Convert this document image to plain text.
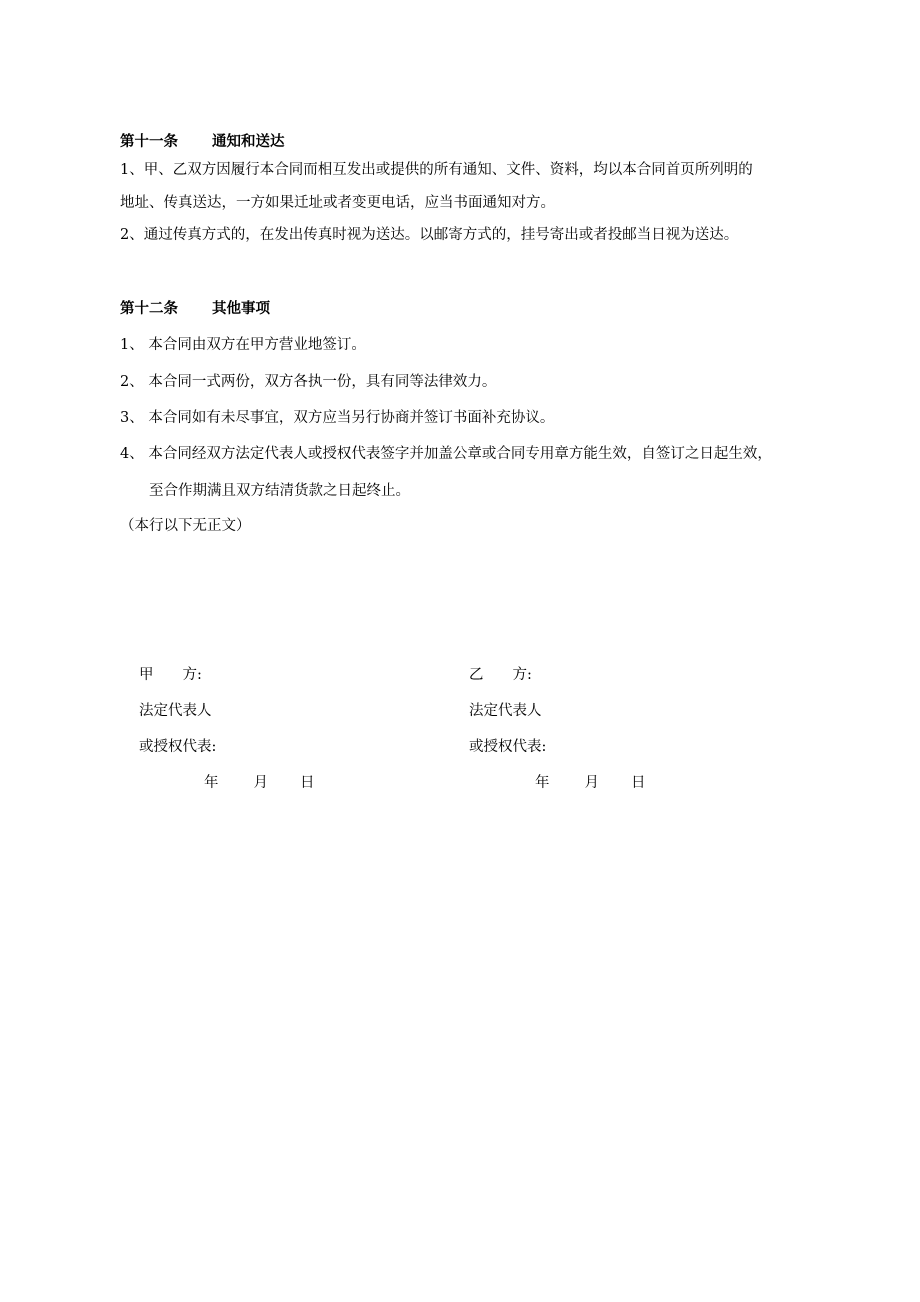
第十一条 通知和送达
1、甲、乙双方因履行本合同而相互发出或提供的所有通知、文件、资料，均以本合同首页所列明的
地址、传真送达，一方如果迁址或者变更电话，应当书面通知对方。
2、通过传真方式的，在发出传真时视为送达。以邮寄方式的，挂号寄出或者投邮当日视为送达。
第十二条 其他事项
1、 本合同由双方在甲方营业地签订。
2、 本合同一式两份，双方各执一份，具有同等法律效力。
3、 本合同如有未尽事宜，双方应当另行协商并签订书面补充协议。
4、 本合同经双方法定代表人或授权代表签字并加盖公章或合同专用章方能生效，自签订之日起生效，
至合作期满且双方结清货款之日起终止。
（本行以下无正文）
甲　　方:
法定代表人
或授权代表:
年 月 日
乙　　方:
法定代表人
或授权代表:
年 月 日
